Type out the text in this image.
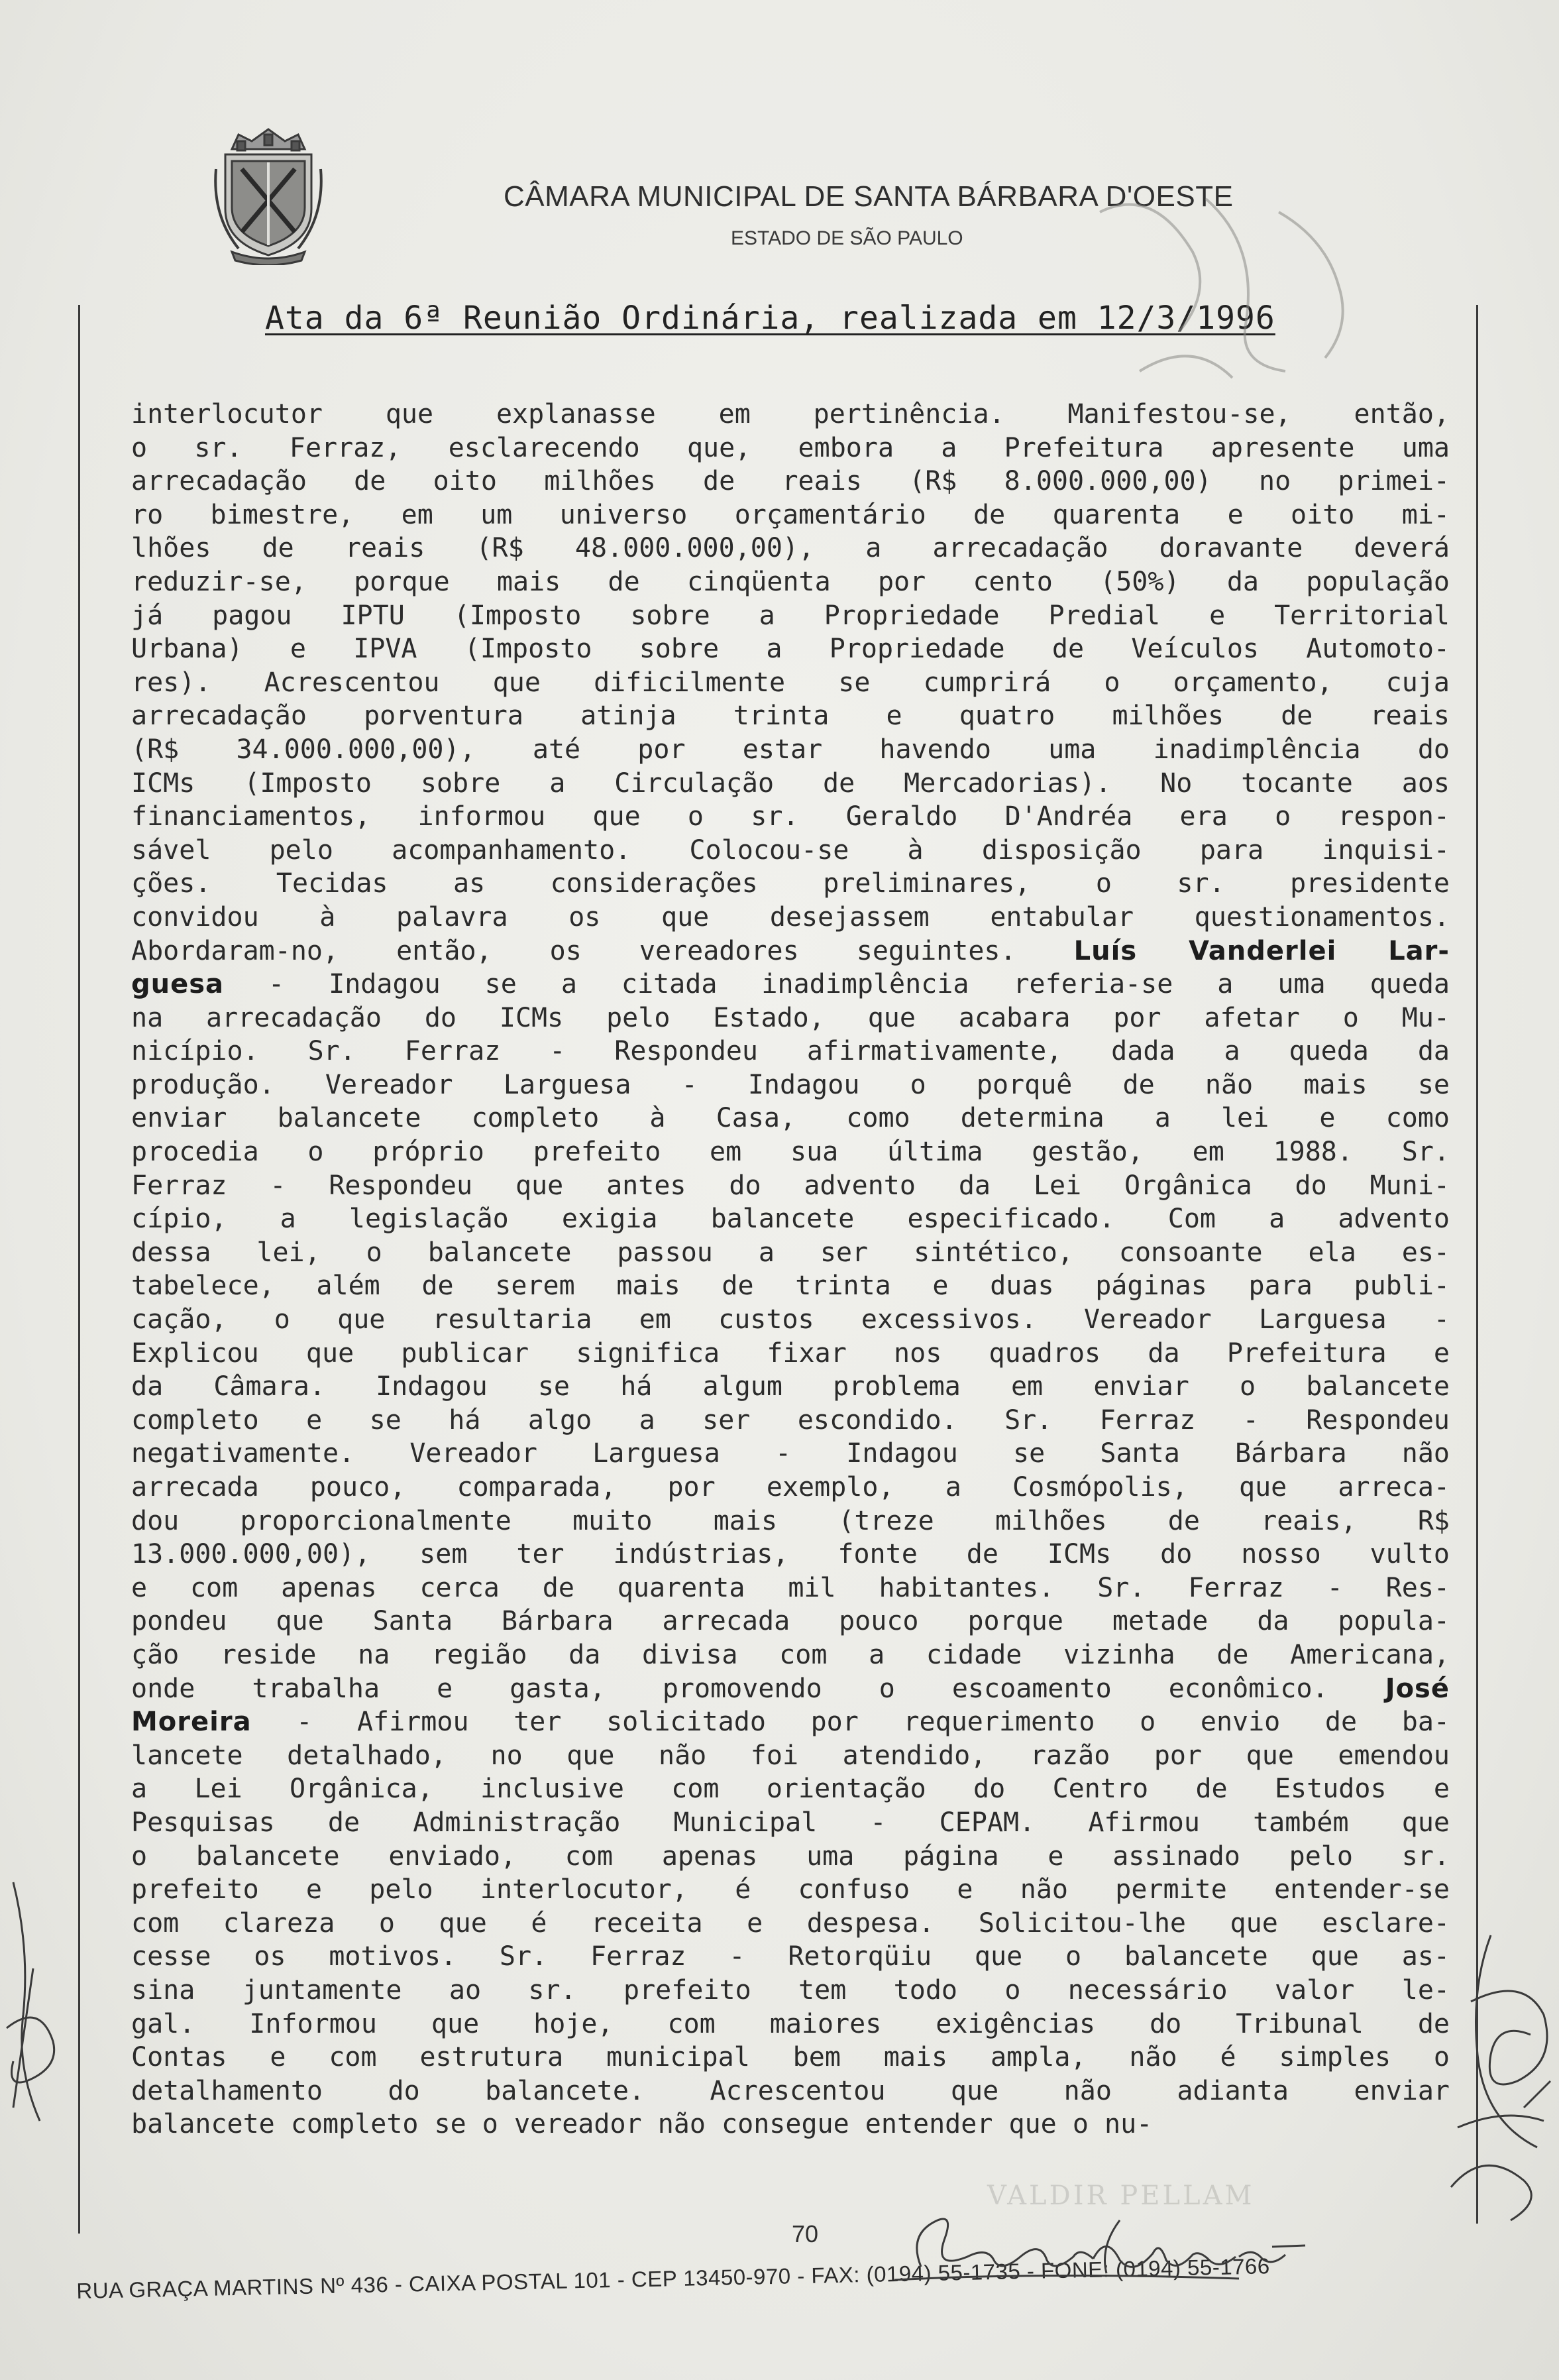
VALDIR PELLAM
CÂMARA MUNICIPAL DE SANTA BÁRBARA D'OESTE
ESTADO DE SÃO PAULO
Ata da 6ª Reunião Ordinária, realizada em 12/3/1996
interlocutor que explanasse em pertinência. Manifestou-se, então,
o sr. Ferraz, esclarecendo que, embora a Prefeitura apresente uma
arrecadação de oito milhões de reais (R$ 8.000.000,00) no primei-
ro bimestre, em um universo orçamentário de quarenta e oito mi-
lhões de reais (R$ 48.000.000,00), a arrecadação doravante deverá
reduzir-se, porque mais de cinqüenta por cento (50%) da população
já pagou IPTU (Imposto sobre a Propriedade Predial e Territorial
Urbana) e IPVA (Imposto sobre a Propriedade de Veículos Automoto-
res). Acrescentou que dificilmente se cumprirá o orçamento, cuja
arrecadação porventura atinja trinta e quatro milhões de reais
(R$ 34.000.000,00), até por estar havendo uma inadimplência do
ICMs (Imposto sobre a Circulação de Mercadorias). No tocante aos
financiamentos, informou que o sr. Geraldo D'Andréa era o respon-
sável pelo acompanhamento. Colocou-se à disposição para inquisi-
ções. Tecidas as considerações preliminares, o sr. presidente
convidou à palavra os que desejassem entabular questionamentos.
Abordaram-no, então, os vereadores seguintes. Luís Vanderlei Lar-
guesa - Indagou se a citada inadimplência referia-se a uma queda
na arrecadação do ICMs pelo Estado, que acabara por afetar o Mu-
nicípio. Sr. Ferraz - Respondeu afirmativamente, dada a queda da
produção. Vereador Larguesa - Indagou o porquê de não mais se
enviar balancete completo à Casa, como determina a lei e como
procedia o próprio prefeito em sua última gestão, em 1988. Sr.
Ferraz - Respondeu que antes do advento da Lei Orgânica do Muni-
cípio, a legislação exigia balancete especificado. Com a advento
dessa lei, o balancete passou a ser sintético, consoante ela es-
tabelece, além de serem mais de trinta e duas páginas para publi-
cação, o que resultaria em custos excessivos. Vereador Larguesa -
Explicou que publicar significa fixar nos quadros da Prefeitura e
da Câmara. Indagou se há algum problema em enviar o balancete
completo e se há algo a ser escondido. Sr. Ferraz - Respondeu
negativamente. Vereador Larguesa - Indagou se Santa Bárbara não
arrecada pouco, comparada, por exemplo, a Cosmópolis, que arreca-
dou proporcionalmente muito mais (treze milhões de reais, R$
13.000.000,00), sem ter indústrias, fonte de ICMs do nosso vulto
e com apenas cerca de quarenta mil habitantes. Sr. Ferraz - Res-
pondeu que Santa Bárbara arrecada pouco porque metade da popula-
ção reside na região da divisa com a cidade vizinha de Americana,
onde trabalha e gasta, promovendo o escoamento econômico. José
Moreira - Afirmou ter solicitado por requerimento o envio de ba-
lancete detalhado, no que não foi atendido, razão por que emendou
a Lei Orgânica, inclusive com orientação do Centro de Estudos e
Pesquisas de Administração Municipal - CEPAM. Afirmou também que
o balancete enviado, com apenas uma página e assinado pelo sr.
prefeito e pelo interlocutor, é confuso e não permite entender-se
com clareza o que é receita e despesa. Solicitou-lhe que esclare-
cesse os motivos. Sr. Ferraz - Retorqüiu que o balancete que as-
sina juntamente ao sr. prefeito tem todo o necessário valor le-
gal. Informou que hoje, com maiores exigências do Tribunal de
Contas e com estrutura municipal bem mais ampla, não é simples o
detalhamento do balancete. Acrescentou que não adianta enviar
balancete completo se o vereador não consegue entender que o nu-
70
RUA GRAÇA MARTINS Nº 436 - CAIXA POSTAL 101 - CEP 13450-970 - FAX: (0194) 55-1735 - FONE: (0194) 55-1766
